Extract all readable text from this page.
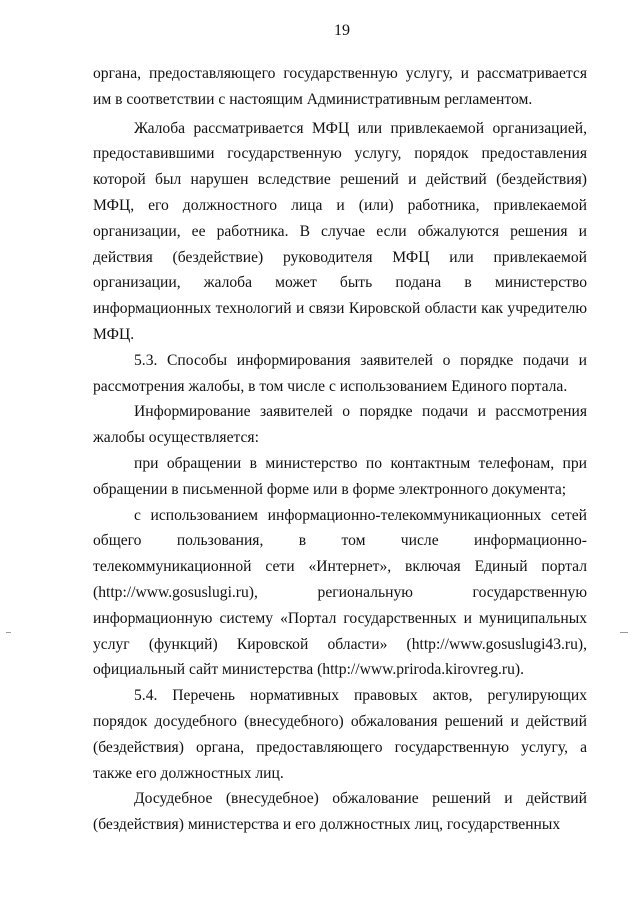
19

органа, предоставляющего государственную услугу, и рассматривается им в соответствии с настоящим Административным регламентом.

Жалоба рассматривается МФЦ или привлекаемой организацией, предоставившими государственную услугу, порядок предоставления которой был нарушен вследствие решений и действий (бездействия) МФЦ, его должностного лица и (или) работника, привлекаемой организации, ее работника. В случае если обжалуются решения и действия (бездействие) руководителя МФЦ или привлекаемой организации, жалоба может быть подана в министерство информационных технологий и связи Кировской области как учредителю МФЦ.

5.3. Способы информирования заявителей о порядке подачи и рассмотрения жалобы, в том числе с использованием Единого портала.

Информирование заявителей о порядке подачи и рассмотрения жалобы осуществляется:

при обращении в министерство по контактным телефонам, при обращении в письменной форме или в форме электронного документа;

с использованием информационно-телекоммуникационных сетей общего пользования, в том числе информационно-телекоммуникационной сети «Интернет», включая Единый портал (http://www.gosuslugi.ru), региональную государственную информационную систему «Портал государственных и муниципальных услуг (функций) Кировской области» (http://www.gosuslugi43.ru), официальный сайт министерства (http://www.priroda.kirovreg.ru).

5.4. Перечень нормативных правовых актов, регулирующих порядок досудебного (внесудебного) обжалования решений и действий (бездействия) органа, предоставляющего государственную услугу, а также его должностных лиц.

Досудебное (внесудебное) обжалование решений и действий (бездействия) министерства и его должностных лиц, государственных
